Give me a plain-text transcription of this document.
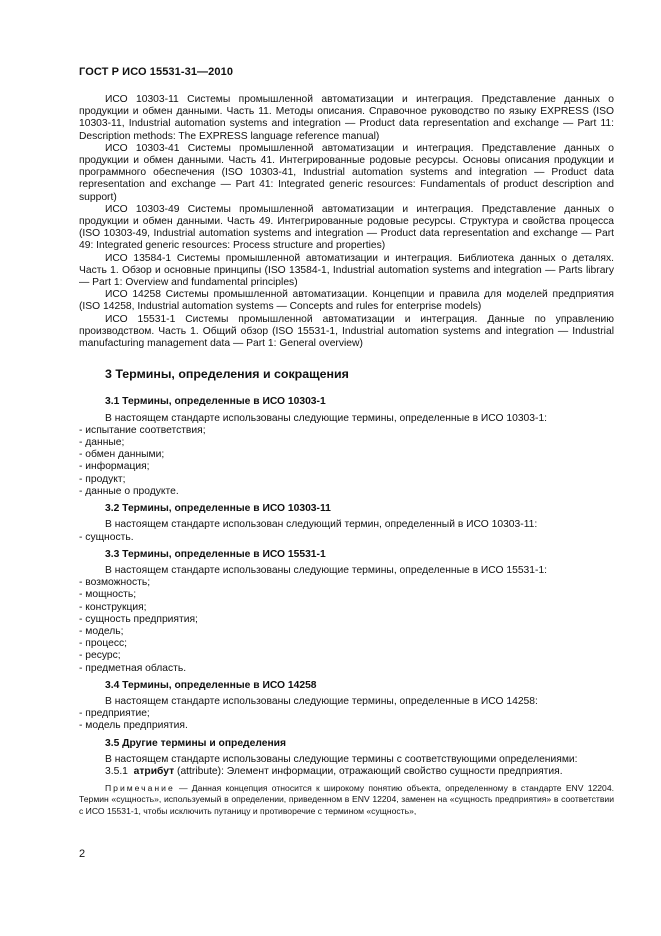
ГОСТ Р ИСО 15531-31—2010

ИСО 10303-11 Системы промышленной автоматизации и интеграция. Представление данных о продукции и обмен данными. Часть 11. Методы описания. Справочное руководство по языку EXPRESS (ISO 10303-11, Industrial automation systems and integration — Product data representation and exchange — Part 11: Description methods: The EXPRESS language reference manual)

ИСО 10303-41 Системы промышленной автоматизации и интеграция. Представление данных о продукции и обмен данными. Часть 41. Интегрированные родовые ресурсы. Основы описания продукции и программного обеспечения (ISO 10303-41, Industrial automation systems and integration — Product data representation and exchange — Part 41: Integrated generic resources: Fundamentals of product description and support)

ИСО 10303-49 Системы промышленной автоматизации и интеграция. Представление данных о продукции и обмен данными. Часть 49. Интегрированные родовые ресурсы. Структура и свойства процесса (ISO 10303-49, Industrial automation systems and integration — Product data representation and exchange — Part 49: Integrated generic resources: Process structure and properties)

ИСО 13584-1 Системы промышленной автоматизации и интеграция. Библиотека данных о деталях. Часть 1. Обзор и основные принципы (ISO 13584-1, Industrial automation systems and integration — Parts library — Part 1: Overview and fundamental principles)

ИСО 14258 Системы промышленной автоматизации. Концепции и правила для моделей предприятия (ISO 14258, Industrial automation systems — Concepts and rules for enterprise models)

ИСО 15531-1 Системы промышленной автоматизации и интеграция. Данные по управлению производством. Часть 1. Общий обзор (ISO 15531-1, Industrial automation systems and integration — Industrial manufacturing management data — Part 1: General overview)

3 Термины, определения и сокращения
3.1 Термины, определенные в ИСО 10303-1

В настоящем стандарте использованы следующие термины, определенные в ИСО 10303-1:

- испытание соответствия;
- данные;
- обмен данными;
- информация;
- продукт;
- данные о продукте.
3.2 Термины, определенные в ИСО 10303-11

В настоящем стандарте использован следующий термин, определенный в ИСО 10303-11:

- сущность.
3.3 Термины, определенные в ИСО 15531-1

В настоящем стандарте использованы следующие термины, определенные в ИСО 15531-1:

- возможность;
- мощность;
- конструкция;
- сущность предприятия;
- модель;
- процесс;
- ресурс;
- предметная область.
3.4 Термины, определенные в ИСО 14258

В настоящем стандарте использованы следующие термины, определенные в ИСО 14258:

- предприятие;
- модель предприятия.
3.5 Другие термины и определения

В настоящем стандарте использованы следующие термины с соответствующими определениями:

3.5.1 атрибут (attribute): Элемент информации, отражающий свойство сущности предприятия.

Примечание — Данная концепция относится к широкому понятию объекта, определенному в стандарте ENV 12204. Термин «сущность», используемый в определении, приведенном в ENV 12204, заменен на «сущность предприятия» в соответствии с ИСО 15531-1, чтобы исключить путаницу и противоречие с термином «сущность»,

2
